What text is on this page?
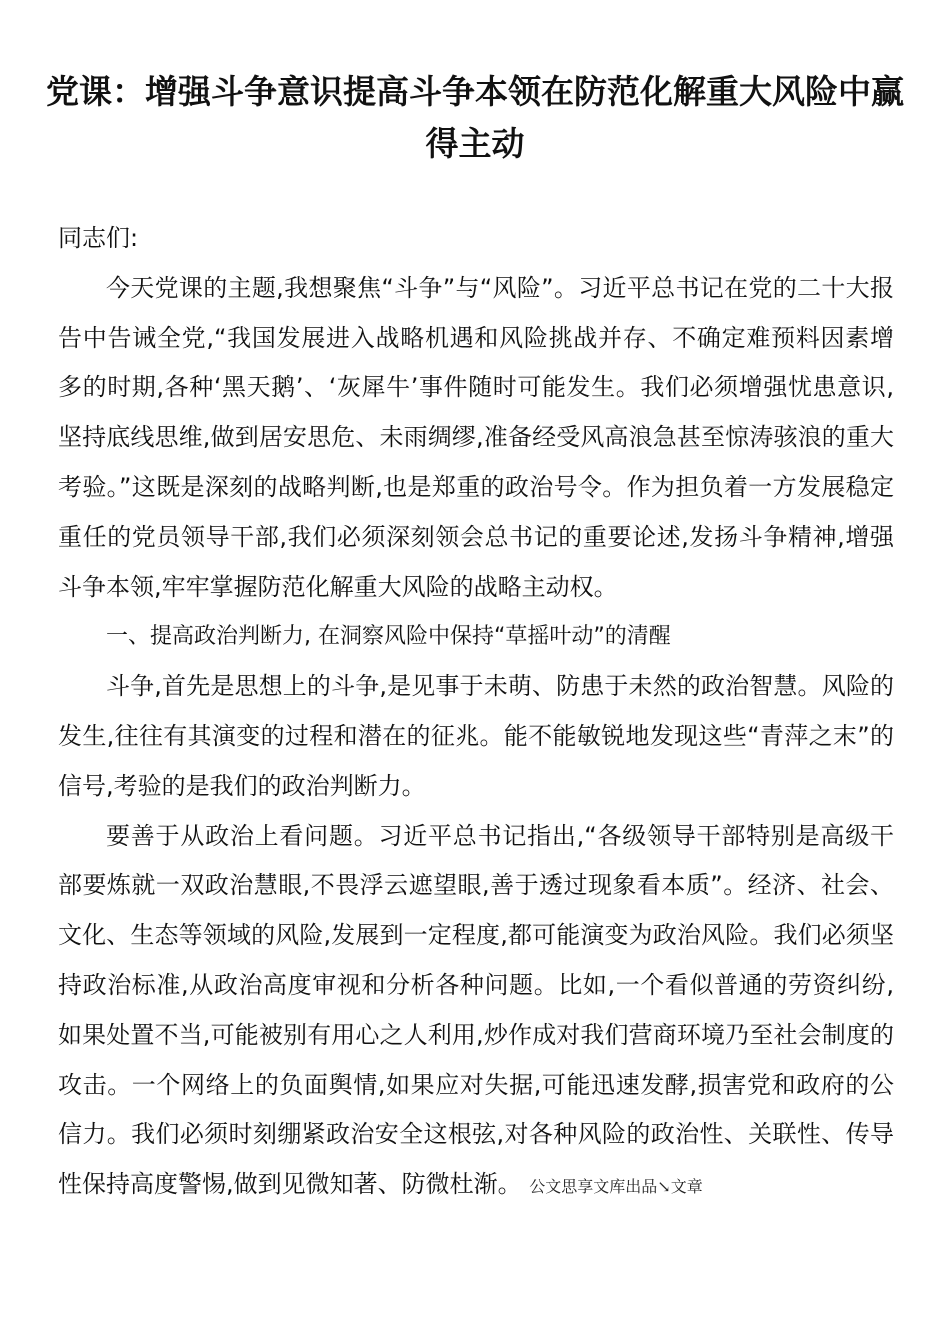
党课：增强斗争意识提高斗争本领在防范化解重大风险中赢得主动

同志们:

今天党课的主题,我想聚焦“斗争”与“风险”。习近平总书记在党的二十大报告中告诫全党,“我国发展进入战略机遇和风险挑战并存、不确定难预料因素增多的时期,各种‘黑天鹅’、‘灰犀牛’事件随时可能发生。我们必须增强忧患意识,坚持底线思维,做到居安思危、未雨绸缪,准备经受风高浪急甚至惊涛骇浪的重大考验。”这既是深刻的战略判断,也是郑重的政治号令。作为担负着一方发展稳定重任的党员领导干部,我们必须深刻领会总书记的重要论述,发扬斗争精神,增强斗争本领,牢牢掌握防范化解重大风险的战略主动权。

一、提高政治判断力, 在洞察风险中保持“草摇叶动”的清醒

斗争,首先是思想上的斗争,是见事于未萌、防患于未然的政治智慧。风险的发生,往往有其演变的过程和潜在的征兆。能不能敏锐地发现这些“青萍之末”的信号,考验的是我们的政治判断力。

要善于从政治上看问题。习近平总书记指出,“各级领导干部特别是高级干部要炼就一双政治慧眼,不畏浮云遮望眼,善于透过现象看本质”。经济、社会、文化、生态等领域的风险,发展到一定程度,都可能演变为政治风险。我们必须坚持政治标准,从政治高度审视和分析各种问题。比如,一个看似普通的劳资纠纷,如果处置不当,可能被别有用心之人利用,炒作成对我们营商环境乃至社会制度的攻击。一个网络上的负面舆情,如果应对失据,可能迅速发酵,损害党和政府的公信力。我们必须时刻绷紧政治安全这根弦,对各种风险的政治性、关联性、传导性保持高度警惕,做到见微知著、防微杜渐。 公文思享文库出品↘文章
